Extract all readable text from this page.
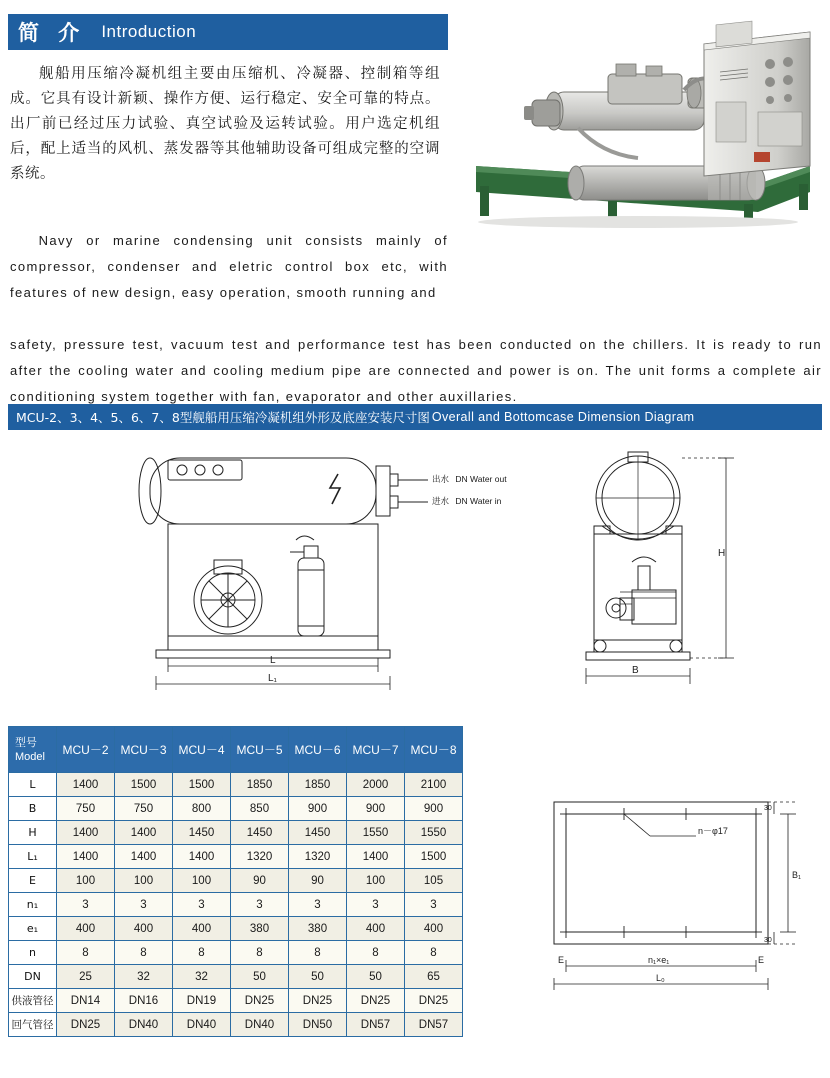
简 介 Introduction
舰船用压缩冷凝机组主要由压缩机、冷凝器、控制箱等组成。它具有设计新颖、操作方便、运行稳定、安全可靠的特点。出厂前已经过压力试验、真空试验及运转试验。用户选定机组后，配上适当的风机、蒸发器等其他辅助设备可组成完整的空调系统。
Navy or marine condensing unit consists mainly of compressor, condenser and eletric control box etc, with features of new design, easy operation, smooth running and
safety, pressure test, vacuum test and performance test has been conducted on the chillers. It is ready to run after the cooling water and cooling medium pipe are connected and power is on. The unit forms a complete air conditioning system together with fan, evaporator and other auxillaries.
MCU-2、3、4、5、6、7、8型舰船用压缩冷凝机组外形及底座安装尺寸图 Overall and Bottomcase Dimension Diagram
L
L₁
出水 DN Water out
进水 DN Water in
H
B
B₁
30
30
n₁×e₁
L₀
E	E
n－φ17
型号
Model	MCU－2	MCU－3	MCU－4	MCU－5	MCU－6	MCU－7	MCU－8
L	1400	1500	1500	1850	1850	2000	2100
B	750	750	800	850	900	900	900
H	1400	1400	1450	1450	1450	1550	1550
L₁	1400	1400	1400	1320	1320	1400	1500
E	100	100	100	90	90	100	105
n₁	3	3	3	3	3	3	3
e₁	400	400	400	380	380	400	400
n	8	8	8	8	8	8	8
DN	25	32	32	50	50	50	65
供液管径	DN14	DN16	DN19	DN25	DN25	DN25	DN25
回气管径	DN25	DN40	DN40	DN40	DN50	DN57	DN57
